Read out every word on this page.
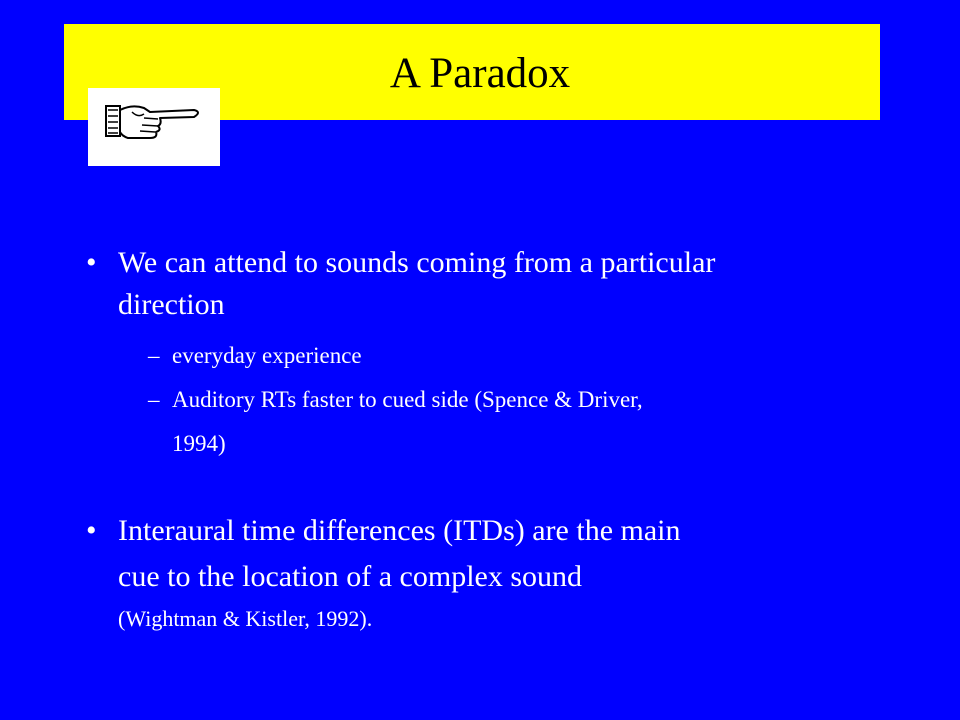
A Paradox
• We can attend to sounds coming from a particular
direction
– everyday experience
– Auditory RTs faster to cued side (Spence & Driver,
1994)
• Interaural time differences (ITDs) are the main
cue to the location of a complex sound
(Wightman & Kistler, 1992).
